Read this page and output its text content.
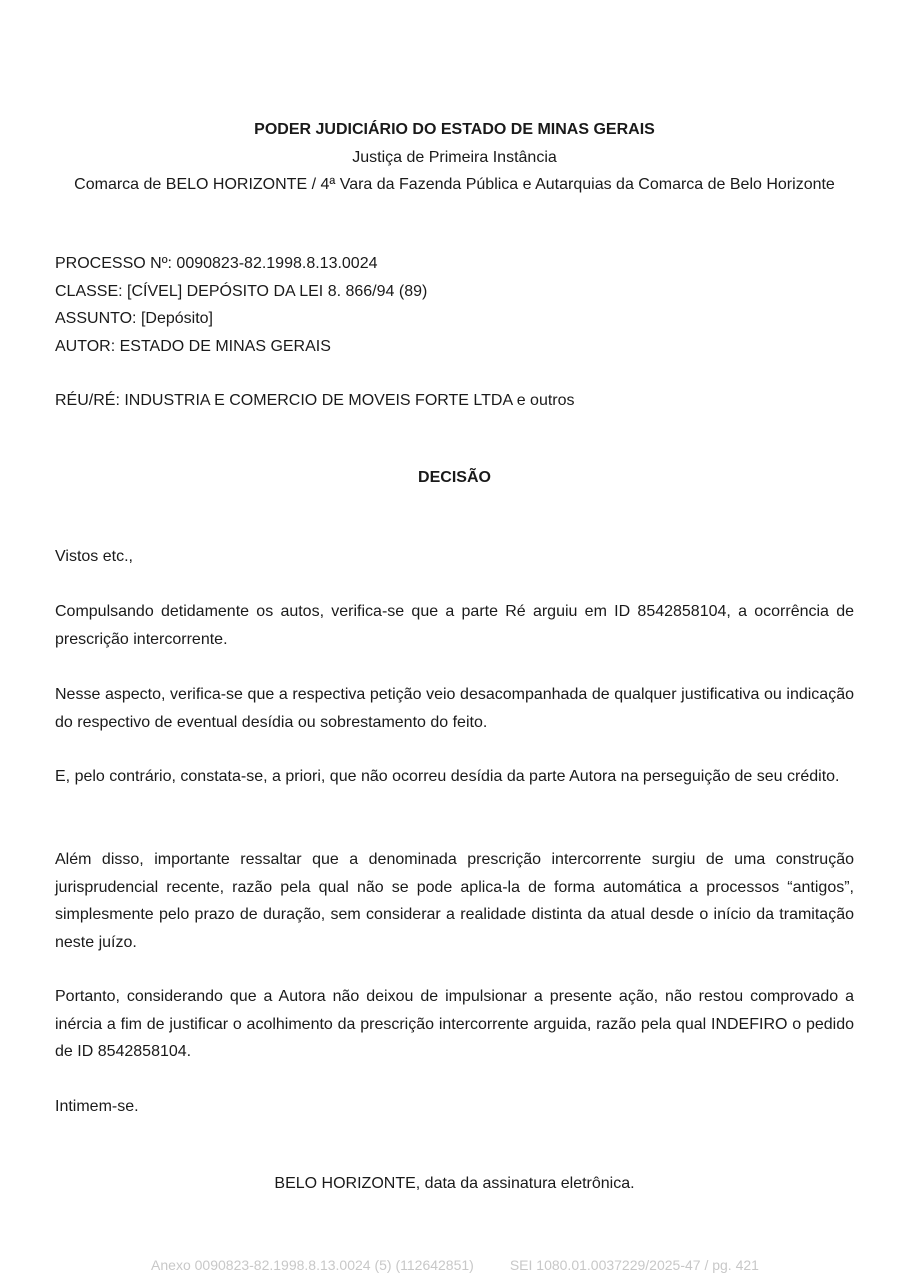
PODER JUDICIÁRIO DO ESTADO DE MINAS GERAIS
Justiça de Primeira Instância
Comarca de BELO HORIZONTE / 4ª Vara da Fazenda Pública e Autarquias da Comarca de Belo Horizonte
PROCESSO Nº: 0090823-82.1998.8.13.0024
CLASSE: [CÍVEL] DEPÓSITO DA LEI 8. 866/94 (89)
ASSUNTO: [Depósito]
AUTOR: ESTADO DE MINAS GERAIS
RÉU/RÉ: INDUSTRIA E COMERCIO DE MOVEIS FORTE LTDA e outros
DECISÃO
Vistos etc.,
Compulsando detidamente os autos, verifica-se que a parte Ré arguiu em ID 8542858104, a ocorrência de prescrição intercorrente.
Nesse aspecto, verifica-se que a respectiva petição veio desacompanhada de qualquer justificativa ou indicação do respectivo de eventual desídia ou sobrestamento do feito.
E, pelo contrário, constata-se, a priori, que não ocorreu desídia da parte Autora na perseguição de seu crédito.
Além disso, importante ressaltar que a denominada prescrição intercorrente surgiu de uma construção jurisprudencial recente, razão pela qual não se pode aplica-la de forma automática a processos “antigos”, simplesmente pelo prazo de duração, sem considerar a realidade distinta da atual desde o início da tramitação neste juízo.
Portanto, considerando que a Autora não deixou de impulsionar a presente ação, não restou comprovado a inércia a fim de justificar o acolhimento da prescrição intercorrente arguida, razão pela qual INDEFIRO o pedido de ID 8542858104.
Intimem-se.
BELO HORIZONTE, data da assinatura eletrônica.
Anexo 0090823-82.1998.8.13.0024 (5) (112642851)	SEI 1080.01.0037229/2025-47 / pg. 421
